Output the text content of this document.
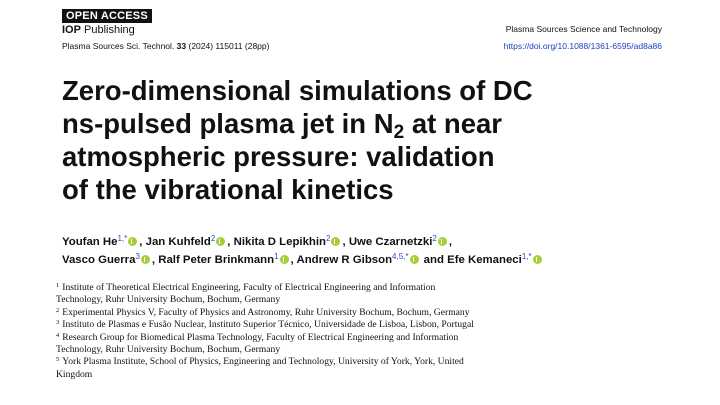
OPEN ACCESS
IOP Publishing	Plasma Sources Science and Technology
Plasma Sources Sci. Technol. 33 (2024) 115011 (28pp)	https://doi.org/10.1088/1361-6595/ad8a86
Zero-dimensional simulations of DC
ns-pulsed plasma jet in $N_2$ at near
atmospheric pressure: validation
of the vibrational kinetics
Youfan $He^{1,*}$ , Jan Kuhfeld$^2$ , Nikita D Lepikhin$^2$ , Uwe Czarnetzki$^2$ ,
Vasco Guerra$^3$ , Ralf Peter Brinkmann$^1$ , Andrew R Gibson$^{4,5,*}$ and Efe Kemaneci$^{1,*}$
$^1$ Institute of Theoretical Electrical Engineering, Faculty of Electrical Engineering and Information
Technology, Ruhr University Bochum, Bochum, Germany
$^2$ Experimental Physics V, Faculty of Physics and Astronomy, Ruhr University Bochum, Bochum, Germany
$^3$ Instituto de Plasmas e Fusão Nuclear, Instituto Superior Técnico, Universidade de Lisboa, Lisbon, Portugal
$^4$ Research Group for Biomedical Plasma Technology, Faculty of Electrical Engineering and Information
Technology, Ruhr University Bochum, Bochum, Germany
$^5$ York Plasma Institute, School of Physics, Engineering and Technology, University of York, York, United
Kingdom
